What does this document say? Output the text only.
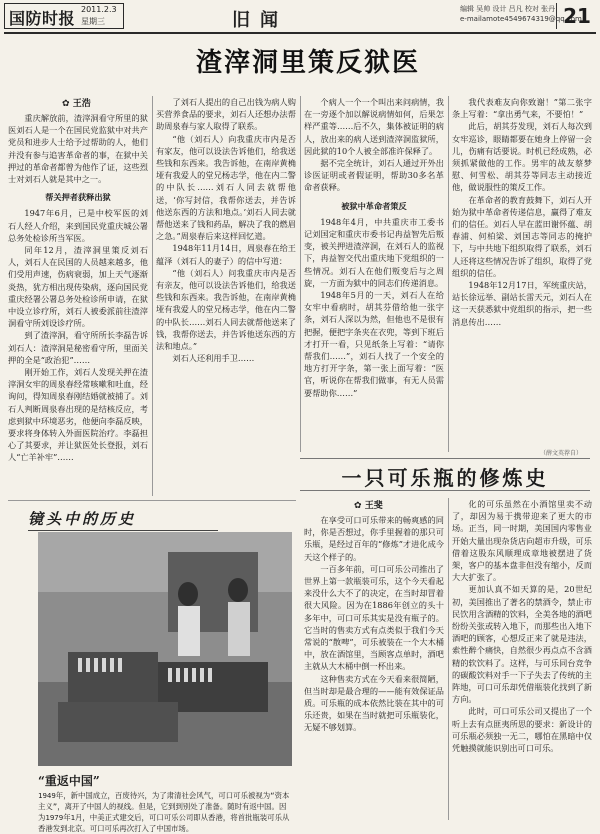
国防时报 2011.2.3
星期三	旧闻
编辑 吴帅 设计 吕凡 校对 张丹
e-mailamote4549674319@qq.com
21
渣滓洞里策反狱医
✿ 王浩

重庆解放前，渣滓洞看守所里的狱医刘石人是一个在国民党监狱中对共产党员和进步人士给予过帮助的人，他们并没有参与追害革命者的事，在狱中关押过的革命者都曾为他作了证，这些烈士对刘石人就是其中之一。

帮关押者获释出狱

1947年6月，已是中校军医的刘石人经人介绍，来到国民党重庆城公署总务处检诊所当军医。

同年12月，渣滓洞里策反刘石人，刘石人在民国的人员越来越多，他们受用声速，伤病衰弱，加上天气逐渐炎热，犹方相出现传染病，逐向国民党重庆经署公署总务处检诊所申请，在狱中设立诊疗所，刘石人被委派前往渣滓洞看守所刘设诊疗所。

到了渣滓洞，看守所所长李磊告诉刘石人：渣滓洞是秘密看守所，里面关押的全是“政治犯”……

刚开始工作，刘石人发现关押在渣滓洞女牢的周泉春经常咳嗽和吐血，经询问，得知周泉春刚结婚就被捕了。刘石人判断周泉春出现的是结核反应，考虑到狱中环境恶劣，他便向李磊反映，要求将身体转入外面医院治疗。李磊担心了其要求，并让狱医处长登报，刘石人“亡羊补牢”……

了刘石人提出的自己出钱为病人购买营养食品的要求，刘石人还想办法帮助周泉春与家人取得了联系。

“他（刘石人）向我重庆市内是否有家友，他可以设法告诉他们，给我送些钱和东西来。我告诉他，在南岸黄桷垭有我爱人的堂兄杨志学，他在内二警的中队长……刘石人同去就帮他送，‘你写封信，我帮你送去，并告诉他送东西的方法和地点。’刘石人同去就帮他送来了钱和药品，解决了我的燃眉之急。”周泉春后来这样回忆道。

1948年11月14日，周泉春在给王蕴泽（刘石人的妻子）的信中写道：

“他（刘石人）问我重庆市内是否有亲友，他可以设法告诉他们，给我送些钱和东西来。我告诉他，在南岸黄桷垭有我爱人的堂兄杨志学，他在内二警的中队长……刘石人同去就帮他送来了钱，我帮你送去，并告诉他送东西的方法和地点。”

刘石人还利用手卫……

个病人一个一个叫出来问病情，我在一旁逐个加以解说病情如何，后果怎样严重等……后不久，集体被证明的病人，放出来的病人送到渣滓洞监狱所，因此狱的10个人被全部准许保释了。

据不完全统计，刘石人通过开外出诊医证明或者假证明，帮助30多名革命者获释。

被狱中革命者策反

1948年4月，中共重庆市工委书记刘国定和重庆市委书记冉益智先后叛变，被关押进渣滓洞，在刘石人的监视下，冉益智交代出重庆地下党组织的一些情况。刘石人在他们叛变后与之周旋，一方面为狱中的同志们传递消息。

1948年5月的一天，刘石人在给女牢中看病时，胡其芬借给他一张字条，刘石人深以为然，但他也不是很有把握，便把字条夹在衣兜，等到下班后才打开一看，只见纸条上写着：“请你帮我们……”，刘石人找了一个安全的地方打开字条，第一张上面写着：“医官，听说你在帮我们做事，有无人员需要帮助你……”

我代表难友向你致谢！”第二张字条上写着：“拿出勇气来，不要怕！”

此后，胡其芬发现，刘石人每次到女牢巡诊，眼睛都要在她身上停留一会儿，伤痛有话要说。时机已经成熟，必须抓紧做他的工作。男牢的战友蔡梦慰、何雪松、胡其芬等同志主动接近他，做说服性的策反工作。

在革命者的教育鼓舞下，刘石人开始为狱中革命者传递信息，赢得了难友们的信任。刘石人早在蓝田谢怀蕴、胡春浦、何柏梁、刘国志等同志的掩护下，与中共地下组织取得了联系，刘石人还将这些情况告诉了组织，取得了党组织的信任。

1948年12月17日，军统重庆站，站长徐远举、副站长雷天元，刘石人在这一天获悉狱中党组织的指示，把一些消息传出……

（薛文英荐自）
一只可乐瓶的修炼史
✿ 王斐

在享受可口可乐带来的畅爽感的同时，你是否想过，你手里握着的那只可乐瓶，是经过百年的“修炼”才进化成今天这个样子的。

一百多年前，可口可乐公司推出了世界上第一款瓶装可乐，这个今天看起来没什么大不了的决定，在当时却冒着很大风险。因为在1886年创立的头十多年中，可口可乐其实是没有瓶子的。它当时的售卖方式有点类似于我们今天常说的“散啤”，可乐被装在一个大木桶中，放在酒馆里，当顾客点单时，酒吧主就从大木桶中倒一杯出来。

这种售卖方式在今天看来很简陋，但当时却是最合理的——能有效保证品质。可乐瓶的成本依然比装在其中的可乐还贵，如果在当时就把可乐瓶装化，无疑不够划算。

化的可乐虽然在小酒馆里卖不动了，却因为易于携带迎来了更大的市场。正当，同一时期，美国国内零售业开始大量出现杂货店向超市升级，可乐借着这股东风顺理成章地被摆进了货架，客户的基本盘非但没有缩小，反而大大扩张了。

更加认真不如天算的是，20世纪初，美国推出了著名的禁酒令，禁止市民饮用含酒精的饮料，全美各地的酒吧纷纷关张或转入地下，而那些出入地下酒吧的顾客，心想反正来了就是违法，索性醉个痛快，自然很少再点点不含酒精的软饮料了。这样，与可乐同台竞争的碳酸饮料对手一下子失去了传统的主阵地，可口可乐却凭借瓶装化找到了新方向。

此时，可口可乐公司又提出了一个听上去有点匪夷所思的要求：新设计的可乐瓶必须独一无二，哪怕在黑暗中仅凭触摸就能识别出可口可乐。

镜头中的历史
“重返中国”
1949年，新中国成立，百废待兴，为了肃清社会风气，可口可乐被视为“资本主义”，离开了中国人的视线。但是，它到到别处了准备。随时有返中国。因为1979年1月，中美正式建交后，可口可乐公司即从香港，将首批瓶装可乐从香港发到北京。可口可乐再次打入了中国市场。
